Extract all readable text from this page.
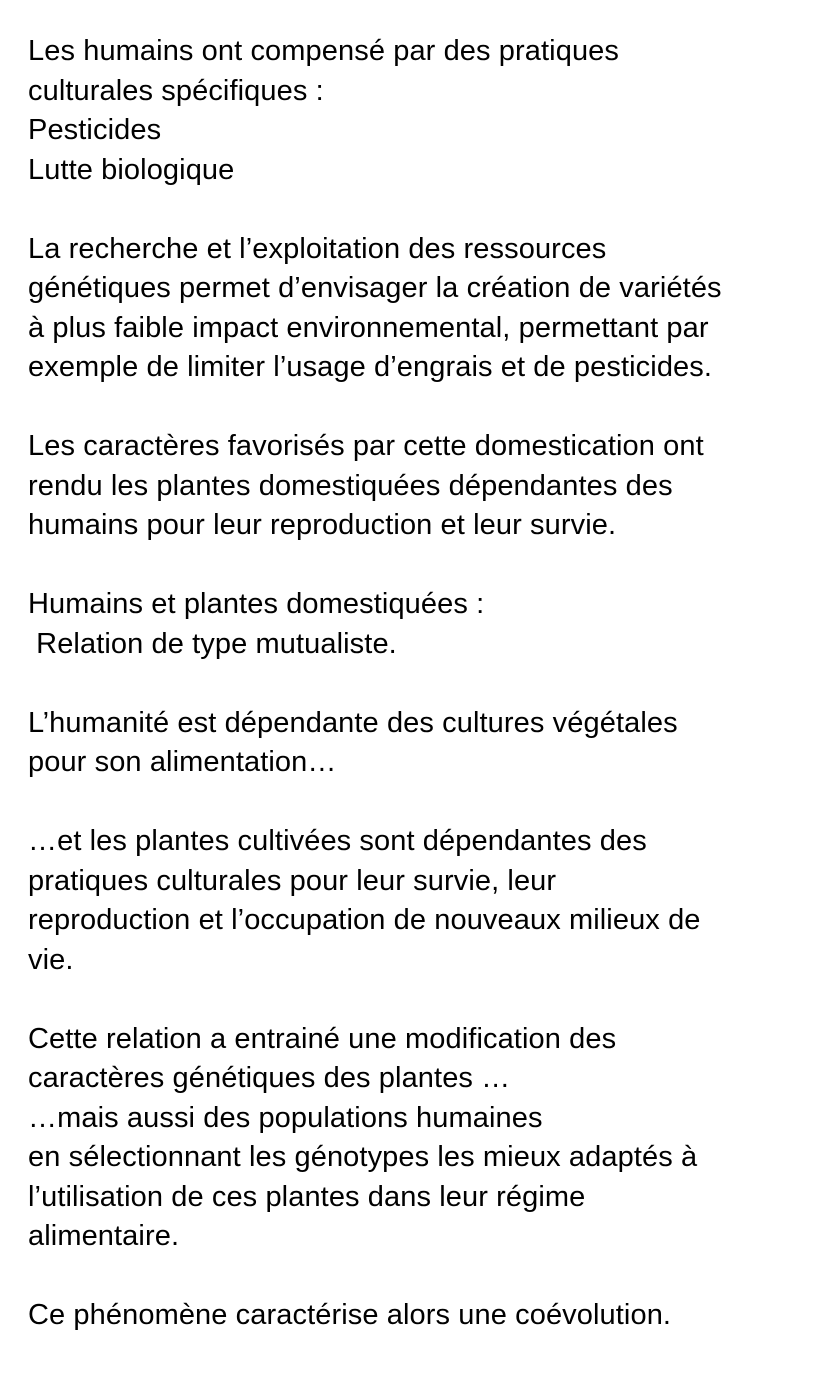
Les humains ont compensé par des pratiques
culturales spécifiques :
Pesticides
Lutte biologique
La recherche et l’exploitation des ressources
génétiques permet d’envisager la création de variétés
à plus faible impact environnemental, permettant par
exemple de limiter l’usage d’engrais et de pesticides.
Les caractères favorisés par cette domestication ont
rendu les plantes domestiquées dépendantes des
humains pour leur reproduction et leur survie.
Humains et plantes domestiquées :
Relation de type mutualiste.
L’humanité est dépendante des cultures végétales
pour son alimentation…
…et les plantes cultivées sont dépendantes des
pratiques culturales pour leur survie, leur
reproduction et l’occupation de nouveaux milieux de
vie.
Cette relation a entrainé une modification des
caractères génétiques des plantes …
…mais aussi des populations humaines
en sélectionnant les génotypes les mieux adaptés à
l’utilisation de ces plantes dans leur régime
alimentaire.
Ce phénomène caractérise alors une coévolution.
